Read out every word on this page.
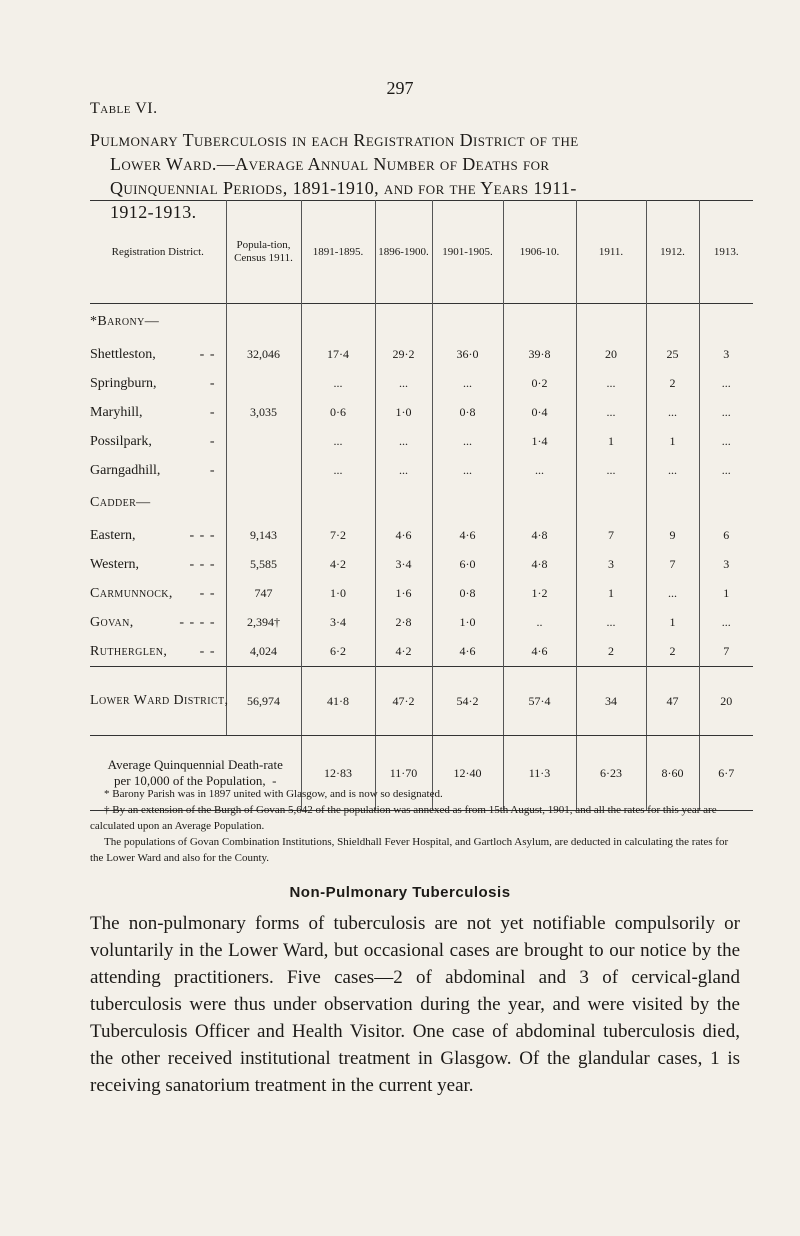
297
Table VI.
Pulmonary Tuberculosis in each Registration District of the
Lower Ward.—Average Annual Number of Deaths for
Quinquennial Periods, 1891-1910, and for the Years 1911-
1912-1913.
Registration District.	Popula-tion, Census 1911.	1891-1895.	1896-1900.	1901-1905.	1906-10.	1911.	1912.	1913.
*Barony—								
Shettleston, - -	32,046	17·4	29·2	36·0	39·8	20	25	3
Springburn, -		...	...	...	0·2	...	2	...
Maryhill, -	3,035	0·6	1·0	0·8	0·4	...	...	...
Possilpark, -		...	...	...	1·4	1	1	...
Garngadhill, -		...	...	...	...	...	...	...
Cadder—								
Eastern, - - -	9,143	7·2	4·6	4·6	4·8	7	9	6
Western, - - -	5,585	4·2	3·4	6·0	4·8	3	7	3
Carmunnock, - -	747	1·0	1·6	0·8	1·2	1	...	1
Govan, - - - -	2,394†	3·4	2·8	1·0	..	...	1	...
Rutherglen, - -	4,024	6·2	4·2	4·6	4·6	2	2	7
Lower Ward District,	56,974	41·8	47·2	54·2	57·4	34	47	20

Average Quinquennial Death-rate
per 10,000 of the Population, -		12·83	11·70	12·40	11·3	6·23	8·60	6·7

* Barony Parish was in 1897 united with Glasgow, and is now so designated.

† By an extension of the Burgh of Govan 5,642 of the population was annexed as from 15th August, 1901, and all the rates for this year are calculated upon an Average Population.

The populations of Govan Combination Institutions, Shieldhall Fever Hospital, and Gartloch Asylum, are deducted in calculating the rates for the Lower Ward and also for the County.

Non-Pulmonary Tuberculosis
The non-pulmonary forms of tuberculosis are not yet notifiable compulsorily or voluntarily in the Lower Ward, but occasional cases are brought to our notice by the attending practitioners. Five cases—2 of abdominal and 3 of cervical-gland tuberculosis were thus under observation during the year, and were visited by the Tuberculosis Officer and Health Visitor. One case of abdominal tuberculosis died, the other received institutional treatment in Glasgow. Of the glandular cases, 1 is receiving sanatorium treatment in the current year.
